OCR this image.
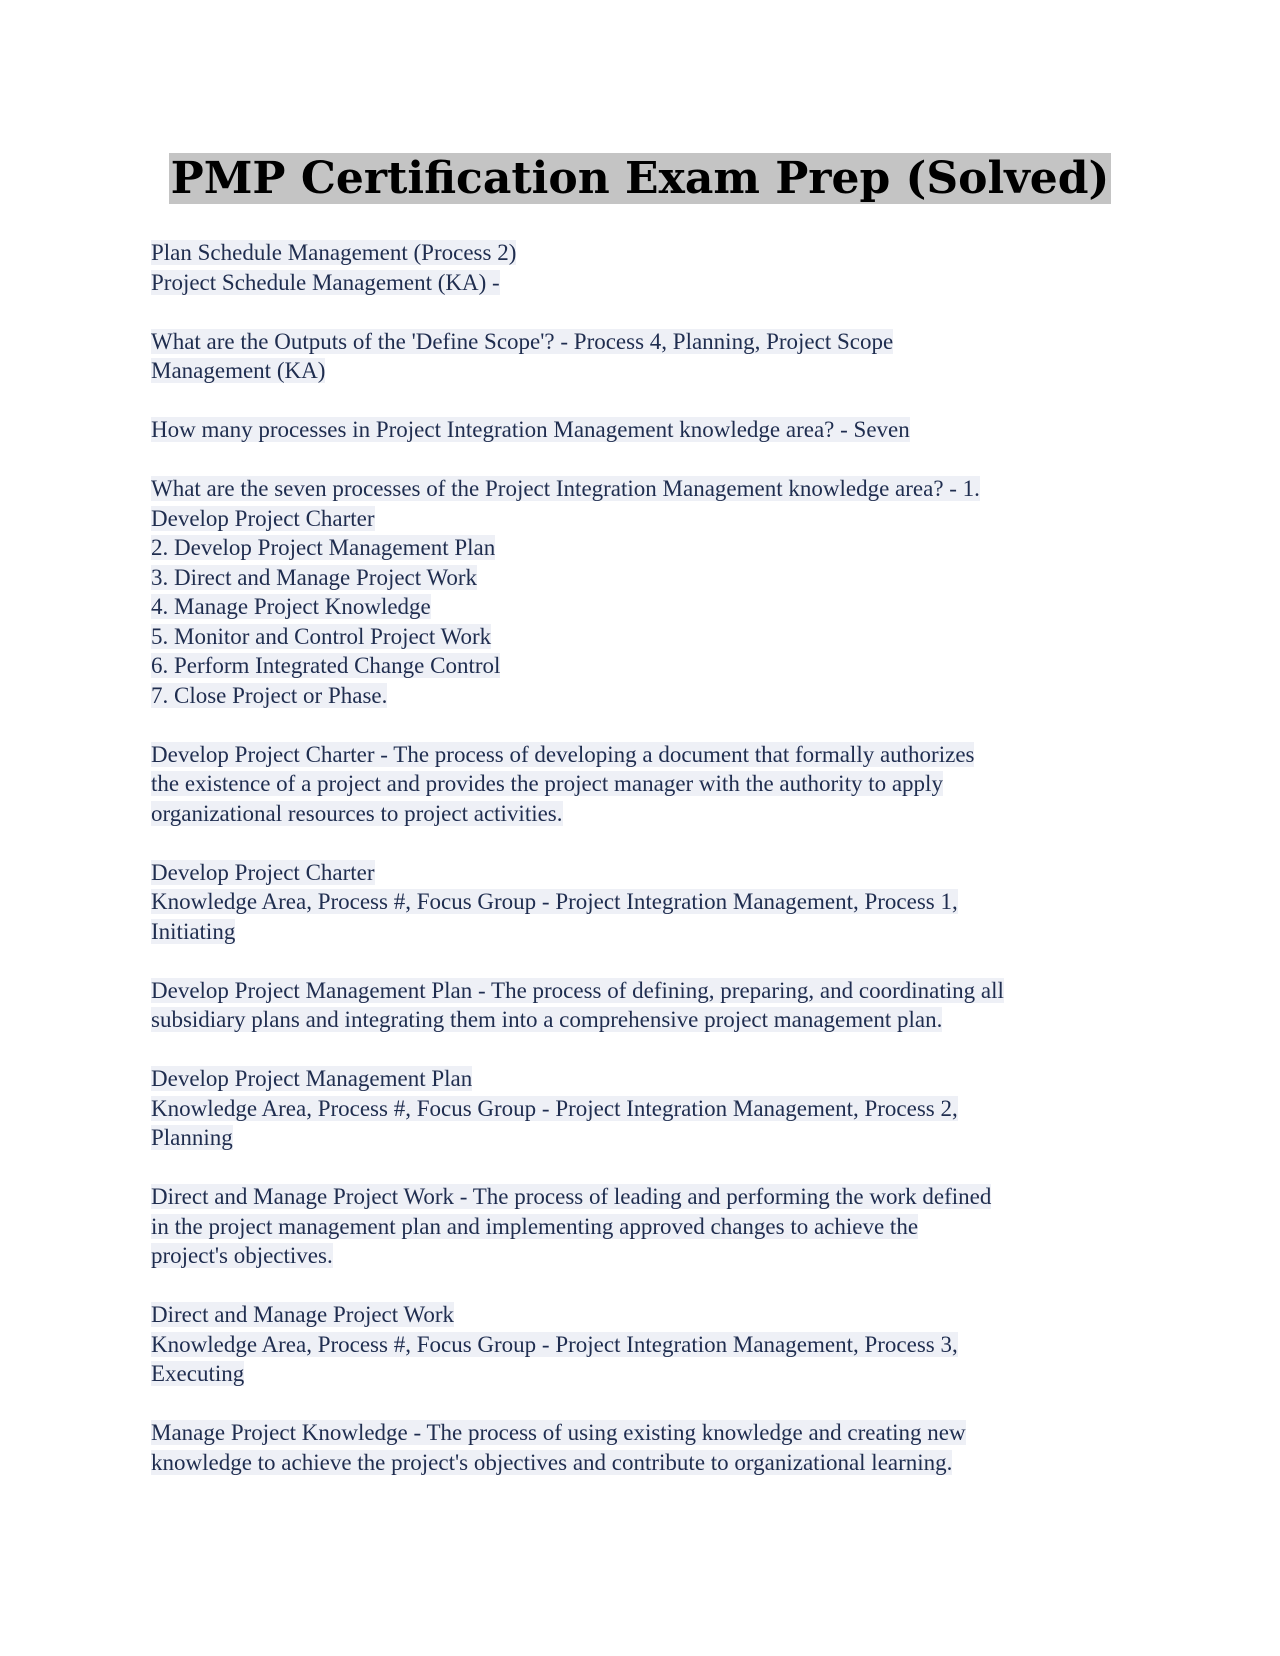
PMP Certification Exam Prep (Solved)
Plan Schedule Management (Process 2)
Project Schedule Management (KA) -
What are the Outputs of the 'Define Scope'? - Process 4, Planning, Project Scope
Management (KA)
How many processes in Project Integration Management knowledge area? - Seven
What are the seven processes of the Project Integration Management knowledge area? - 1.
Develop Project Charter
2. Develop Project Management Plan
3. Direct and Manage Project Work
4. Manage Project Knowledge
5. Monitor and Control Project Work
6. Perform Integrated Change Control
7. Close Project or Phase.
Develop Project Charter - The process of developing a document that formally authorizes
the existence of a project and provides the project manager with the authority to apply
organizational resources to project activities.
Develop Project Charter
Knowledge Area, Process #, Focus Group - Project Integration Management, Process 1,
Initiating
Develop Project Management Plan - The process of defining, preparing, and coordinating all
subsidiary plans and integrating them into a comprehensive project management plan.
Develop Project Management Plan
Knowledge Area, Process #, Focus Group - Project Integration Management, Process 2,
Planning
Direct and Manage Project Work - The process of leading and performing the work defined
in the project management plan and implementing approved changes to achieve the
project's objectives.
Direct and Manage Project Work
Knowledge Area, Process #, Focus Group - Project Integration Management, Process 3,
Executing
Manage Project Knowledge - The process of using existing knowledge and creating new
knowledge to achieve the project's objectives and contribute to organizational learning.
